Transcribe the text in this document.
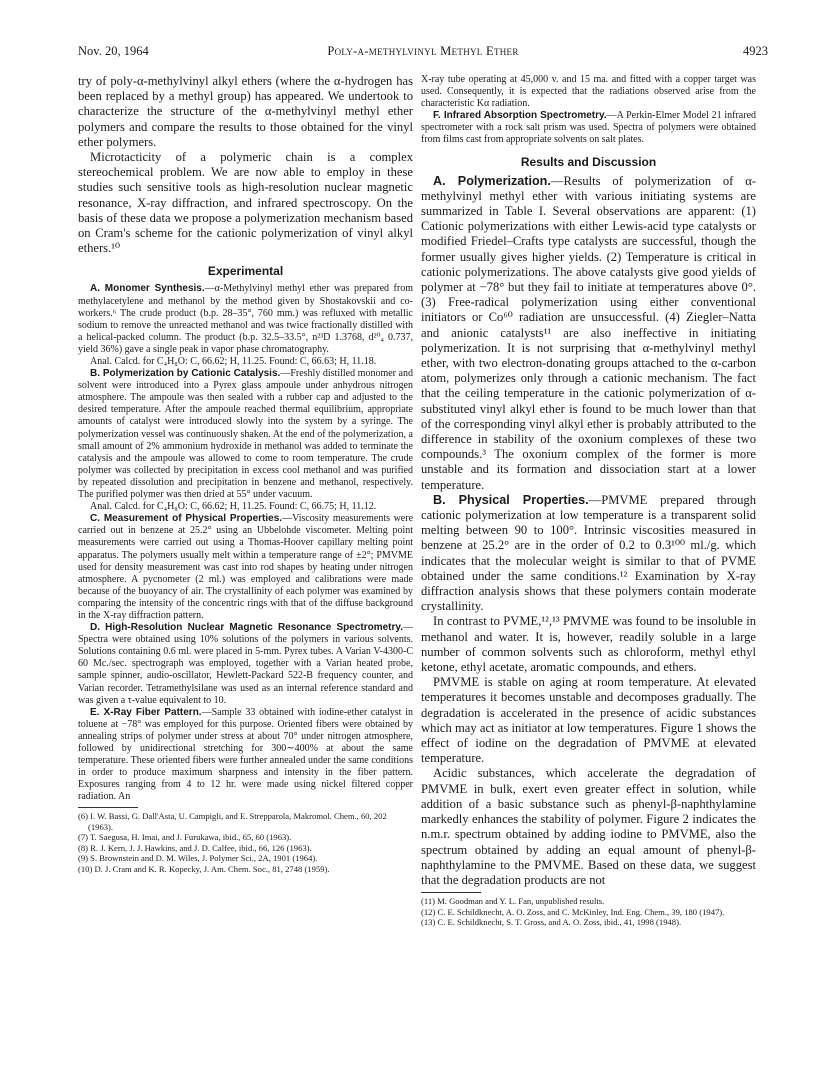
Nov. 20, 1964	Poly-α-methylvinyl Methyl Ether	4923

try of poly-α-methylvinyl alkyl ethers (where the α-hydrogen has been replaced by a methyl group) has appeared. We undertook to characterize the structure of the α-methylvinyl methyl ether polymers and compare the results to those obtained for the vinyl ether polymers.

Microtacticity of a polymeric chain is a complex stereochemical problem. We are now able to employ in these studies such sensitive tools as high-resolution nuclear magnetic resonance, X-ray diffraction, and infrared spectroscopy. On the basis of these data we propose a polymerization mechanism based on Cram's scheme for the cationic polymerization of vinyl alkyl ethers.¹⁰

Experimental

A. Monomer Synthesis.—α-Methylvinyl methyl ether was prepared from methylacetylene and methanol by the method given by Shostakovskii and co-workers.⁶ The crude product (b.p. 28–35°, 760 mm.) was refluxed with metallic sodium to remove the unreacted methanol and was twice fractionally distilled with a helical-packed column. The product (b.p. 32.5–33.5°, n²³D 1.3768, d²⁰₄ 0.737, yield 36%) gave a single peak in vapor phase chromatography.

Anal. Calcd. for C₄H₈O: C, 66.62; H, 11.25. Found: C, 66.63; H, 11.18.

B. Polymerization by Cationic Catalysis.—Freshly distilled monomer and solvent were introduced into a Pyrex glass ampoule under anhydrous nitrogen atmosphere. The ampoule was then sealed with a rubber cap and adjusted to the desired temperature. After the ampoule reached thermal equilibrium, appropriate amounts of catalyst were introduced slowly into the system by a syringe. The polymerization vessel was continuously shaken. At the end of the polymerization, a small amount of 2% ammonium hydroxide in methanol was added to terminate the catalysis and the ampoule was allowed to come to room temperature. The crude polymer was collected by precipitation in excess cool methanol and was purified by repeated dissolution and precipitation in benzene and methanol, respectively. The purified polymer was then dried at 55° under vacuum.

Anal. Calcd. for C₄H₈O: C, 66.62; H, 11.25. Found: C, 66.75; H, 11.12.

C. Measurement of Physical Properties.—Viscosity measurements were carried out in benzene at 25.2° using an Ubbelohde viscometer. Melting point measurements were carried out using a Thomas-Hoover capillary melting point apparatus. The polymers usually melt within a temperature range of ±2°; PMVME used for density measurement was cast into rod shapes by heating under nitrogen atmosphere. A pycnometer (2 ml.) was employed and calibrations were made because of the buoyancy of air. The crystallinity of each polymer was examined by comparing the intensity of the concentric rings with that of the diffuse background in the X-ray diffraction pattern.

D. High-Resolution Nuclear Magnetic Resonance Spectrometry.—Spectra were obtained using 10% solutions of the polymers in various solvents. Solutions containing 0.6 ml. were placed in 5-mm. Pyrex tubes. A Varian V-4300-C 60 Mc./sec. spectrograph was employed, together with a Varian heated probe, sample spinner, audio-oscillator, Hewlett-Packard 522-B frequency counter, and Varian recorder. Tetramethylsilane was used as an internal reference standard and was given a τ-value equivalent to 10.

E. X-Ray Fiber Pattern.—Sample 33 obtained with iodine-ether catalyst in toluene at −78° was employed for this purpose. Oriented fibers were obtained by annealing strips of polymer under stress at about 70° under nitrogen atmosphere, followed by unidirectional stretching for 300∼400% at about the same temperature. These oriented fibers were further annealed under the same conditions in order to produce maximum sharpness and intensity in the fiber pattern. Exposures ranging from 4 to 12 hr. were made using nickel filtered copper radiation. An

(6) I. W. Bassi, G. Dall'Asta, U. Campigli, and E. Strepparola, Makromol. Chem., 60, 202 (1963).

(7) T. Saegusa, H. Imai, and J. Furukawa, ibid., 65, 60 (1963).

(8) R. J. Kern, J. J. Hawkins, and J. D. Calfee, ibid., 66, 126 (1963).

(9) S. Brownstein and D. M. Wiles, J. Polymer Sci., 2A, 1901 (1964).

(10) D. J. Cram and K. R. Kopecky, J. Am. Chem. Soc., 81, 2748 (1959).

X-ray tube operating at 45,000 v. and 15 ma. and fitted with a copper target was used. Consequently, it is expected that the radiations observed arise from the characteristic Kα radiation.

F. Infrared Absorption Spectrometry.—A Perkin-Elmer Model 21 infrared spectrometer with a rock salt prism was used. Spectra of polymers were obtained from films cast from appropriate solvents on salt plates.

Results and Discussion

A. Polymerization.—Results of polymerization of α-methylvinyl methyl ether with various initiating systems are summarized in Table I. Several observations are apparent: (1) Cationic polymerizations with either Lewis-acid type catalysts or modified Friedel–Crafts type catalysts are successful, though the former usually gives higher yields. (2) Temperature is critical in cationic polymerizations. The above catalysts give good yields of polymer at −78° but they fail to initiate at temperatures above 0°. (3) Free-radical polymerization using either conventional initiators or Co⁶⁰ radiation are unsuccessful. (4) Ziegler–Natta and anionic catalysts¹¹ are also ineffective in initiating polymerization. It is not surprising that α-methylvinyl methyl ether, with two electron-donating groups attached to the α-carbon atom, polymerizes only through a cationic mechanism. The fact that the ceiling temperature in the cationic polymerization of α-substituted vinyl alkyl ether is found to be much lower than that of the corresponding vinyl alkyl ether is probably attributed to the difference in stability of the oxonium complexes of these two compounds.³ The oxonium complex of the former is more unstable and its formation and dissociation start at a lower temperature.

B. Physical Properties.—PMVME prepared through cationic polymerization at low temperature is a transparent solid melting between 90 to 100°. Intrinsic viscosities measured in benzene at 25.2° are in the order of 0.2 to 0.3¹⁰⁰ ml./g. which indicates that the molecular weight is similar to that of PVME obtained under the same conditions.¹² Examination by X-ray diffraction analysis shows that these polymers contain moderate crystallinity.

In contrast to PVME,¹²,¹³ PMVME was found to be insoluble in methanol and water. It is, however, readily soluble in a large number of common solvents such as chloroform, methyl ethyl ketone, ethyl acetate, aromatic compounds, and ethers.

PMVME is stable on aging at room temperature. At elevated temperatures it becomes unstable and decomposes gradually. The degradation is accelerated in the presence of acidic substances which may act as initiator at low temperatures. Figure 1 shows the effect of iodine on the degradation of PMVME at elevated temperature.

Acidic substances, which accelerate the degradation of PMVME in bulk, exert even greater effect in solution, while addition of a basic substance such as phenyl-β-naphthylamine markedly enhances the stability of polymer. Figure 2 indicates the n.m.r. spectrum obtained by adding iodine to PMVME, also the spectrum obtained by adding an equal amount of phenyl-β-naphthylamine to the PMVME. Based on these data, we suggest that the degradation products are not

(11) M. Goodman and Y. L. Fan, unpublished results.

(12) C. E. Schildknecht, A. O. Zoss, and C. McKinley, Ind. Eng. Chem., 39, 180 (1947).

(13) C. E. Schildknecht, S. T. Gross, and A. O. Zoss, ibid., 41, 1998 (1948).
